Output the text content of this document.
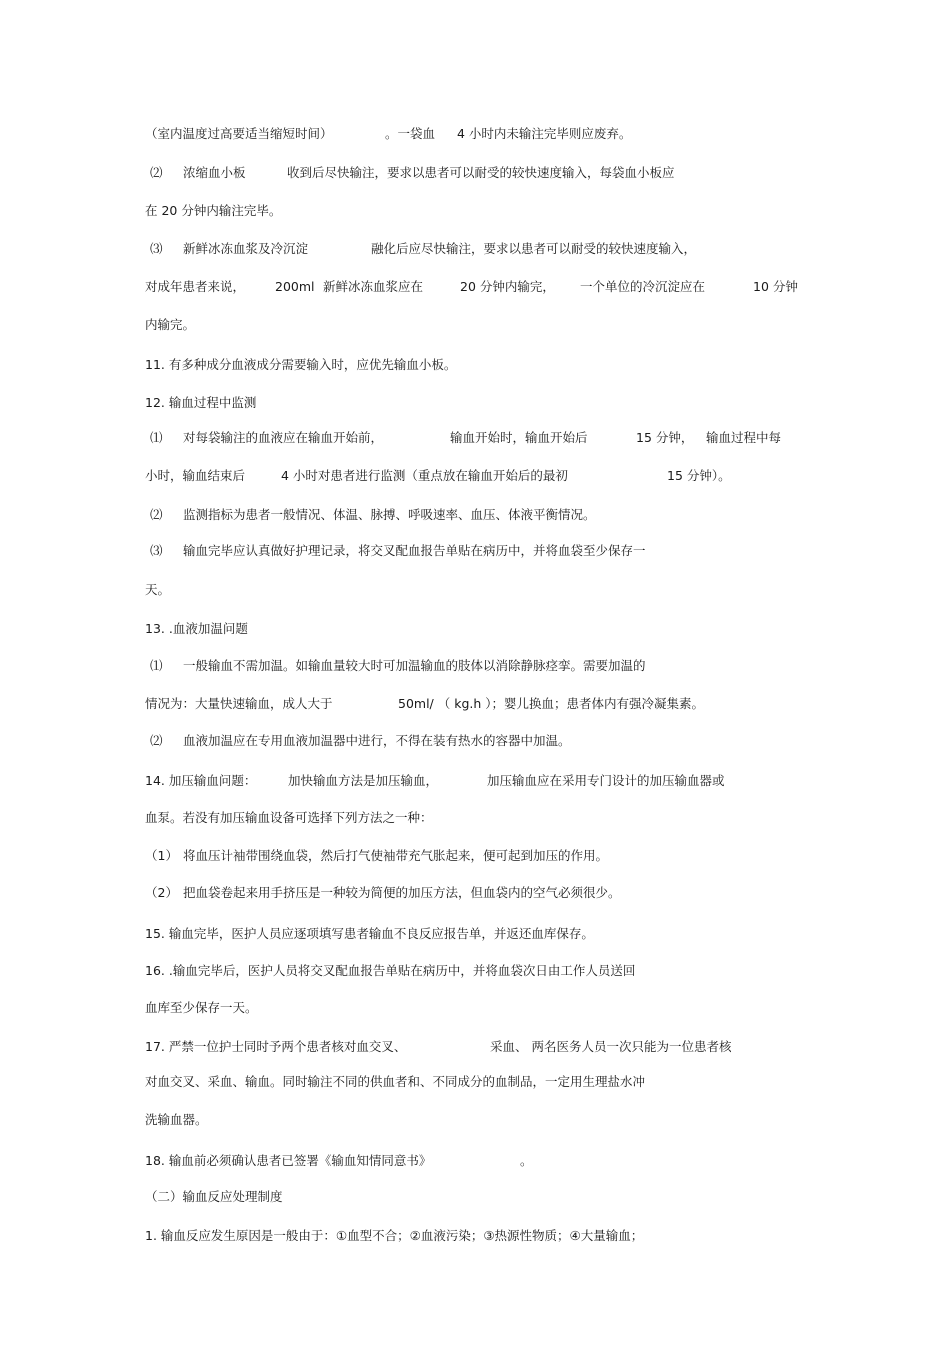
（室内温度过高要适当缩短时间）	。一袋血 4 小时内未输注完毕则应废弃。
⑵ 浓缩血小板	收到后尽快输注，要求以患者可以耐受的较快速度输入，每袋血小板应
在 20 分钟内输注完毕。
⑶ 新鲜冰冻血浆及冷沉淀	融化后应尽快输注，要求以患者可以耐受的较快速度输入，
对成年患者来说， 200ml 新鲜冰冻血浆应在	20 分钟内输完， 一个单位的冷沉淀应在	10 分钟
内输完。
11. 有多种成分血液成分需要输入时，应优先输血小板。
12. 输血过程中监测
⑴ 对每袋输注的血液应在输血开始前，	输血开始时，输血开始后	15 分钟， 输血过程中每
小时，输血结束后	4 小时对患者进行监测（重点放在输血开始后的最初	15 分钟）。
⑵ 监测指标为患者一般情况、体温、脉搏、呼吸速率、血压、体液平衡情况。
⑶ 输血完毕应认真做好护理记录，将交叉配血报告单贴在病历中，并将血袋至少保存一
天。
13. .血液加温问题
⑴ 一般输血不需加温。如输血量较大时可加温输血的肢体以消除静脉痉挛。需要加温的
情况为：大量快速输血，成人大于	50ml/ （ kg.h ）；婴儿换血；患者体内有强冷凝集素。
⑵ 血液加温应在专用血液加温器中进行，不得在装有热水的容器中加温。
14. 加压输血问题：	加快输血方法是加压输血，	加压输血应在采用专门设计的加压输血器或
血泵。若没有加压输血设备可选择下列方法之一种：
（1） 将血压计袖带围绕血袋，然后打气使袖带充气胀起来，便可起到加压的作用。
（2） 把血袋卷起来用手挤压是一种较为简便的加压方法，但血袋内的空气必须很少。
15. 输血完毕，医护人员应逐项填写患者输血不良反应报告单，并返还血库保存。
16. .输血完毕后，医护人员将交叉配血报告单贴在病历中，并将血袋次日由工作人员送回
血库至少保存一天。
17. 严禁一位护士同时予两个患者核对血交叉、	采血、 两名医务人员一次只能为一位患者核
对血交叉、采血、输血。同时输注不同的供血者和、不同成分的血制品，一定用生理盐水冲
洗输血器。
18. 输血前必须确认患者已签署《输血知情同意书》	。
（二）输血反应处理制度
1. 输血反应发生原因是一般由于：①血型不合；②血液污染；③热源性物质；④大量输血；
